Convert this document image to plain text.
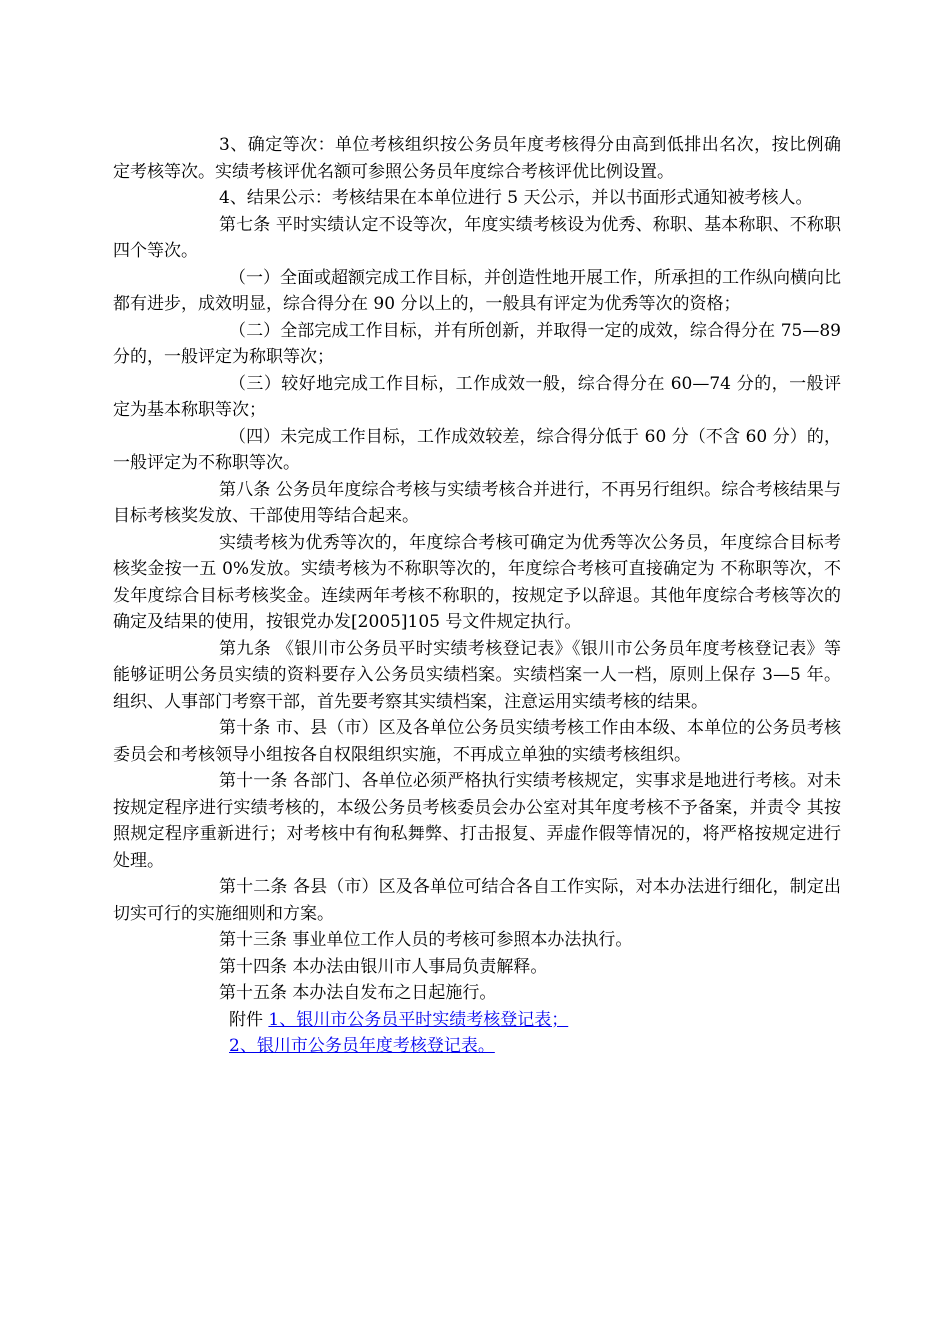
3、确定等次：单位考核组织按公务员年度考核得分由高到低排出名次，按比例确定考核等次。实绩考核评优名额可参照公务员年度综合考核评优比例设置。

4、结果公示：考核结果在本单位进行 5 天公示，并以书面形式通知被考核人。

第七条 平时实绩认定不设等次，年度实绩考核设为优秀、称职、基本称职、不称职四个等次。

（一）全面或超额完成工作目标，并创造性地开展工作，所承担的工作纵向横向比都有进步，成效明显，综合得分在 90 分以上的，一般具有评定为优秀等次的资格；

（二）全部完成工作目标，并有所创新，并取得一定的成效，综合得分在 75—89 分的，一般评定为称职等次；

（三）较好地完成工作目标，工作成效一般，综合得分在 60—74 分的，一般评定为基本称职等次；

（四）未完成工作目标，工作成效较差，综合得分低于 60 分（不含 60 分）的，一般评定为不称职等次。

第八条 公务员年度综合考核与实绩考核合并进行，不再另行组织。综合考核结果与目标考核奖发放、干部使用等结合起来。

实绩考核为优秀等次的，年度综合考核可确定为优秀等次公务员，年度综合目标考核奖金按一五 0%发放。实绩考核为不称职等次的，年度综合考核可直接确定为 不称职等次，不发年度综合目标考核奖金。连续两年考核不称职的，按规定予以辞退。其他年度综合考核等次的确定及结果的使用，按银党办发[2005]105 号文件规定执行。

第九条 《银川市公务员平时实绩考核登记表》《银川市公务员年度考核登记表》等能够证明公务员实绩的资料要存入公务员实绩档案。实绩档案一人一档，原则上保存 3—5 年。组织、人事部门考察干部，首先要考察其实绩档案，注意运用实绩考核的结果。

第十条 市、县（市）区及各单位公务员实绩考核工作由本级、本单位的公务员考核委员会和考核领导小组按各自权限组织实施，不再成立单独的实绩考核组织。

第十一条 各部门、各单位必须严格执行实绩考核规定，实事求是地进行考核。对未按规定程序进行实绩考核的，本级公务员考核委员会办公室对其年度考核不予备案，并责令 其按照规定程序重新进行；对考核中有徇私舞弊、打击报复、弄虚作假等情况的，将严格按规定进行处理。

第十二条 各县（市）区及各单位可结合各自工作实际，对本办法进行细化，制定出切实可行的实施细则和方案。

第十三条 事业单位工作人员的考核可参照本办法执行。

第十四条 本办法由银川市人事局负责解释。

第十五条 本办法自发布之日起施行。

附件 1、银川市公务员平时实绩考核登记表；

2、银川市公务员年度考核登记表。
